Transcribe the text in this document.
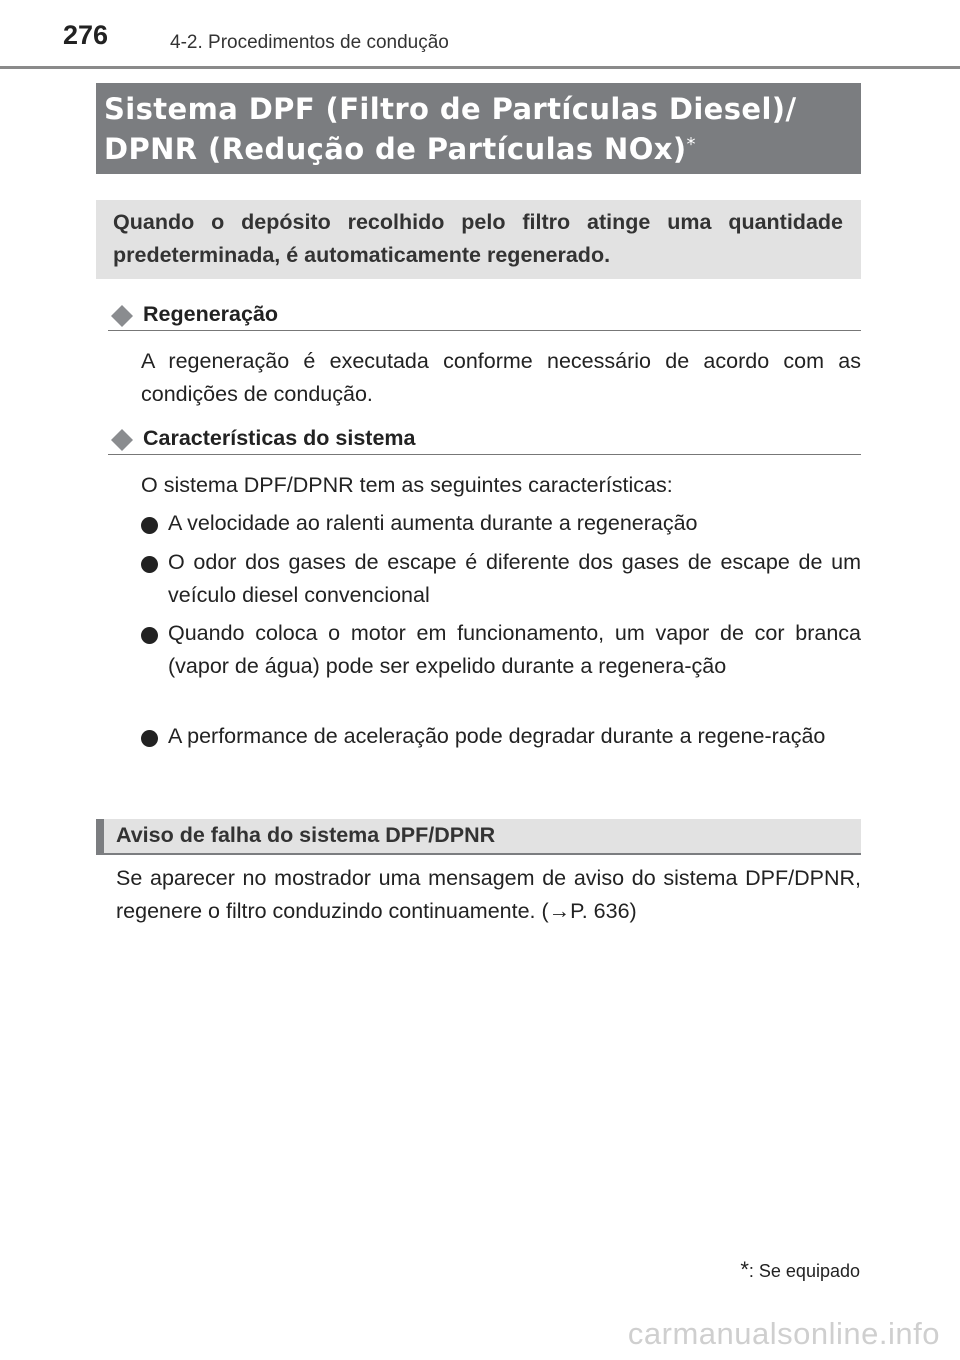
276	4-2. Procedimentos de condução
Sistema DPF (Filtro de Partículas Diesel)/
DPNR (Redução de Partículas NOx)*
Quando o depósito recolhido pelo filtro atinge uma quantidade predeterminada, é automaticamente regenerado.
Regeneração
A regeneração é executada conforme necessário de acordo com as condições de condução.
Características do sistema
O sistema DPF/DPNR tem as seguintes características:
A velocidade ao ralenti aumenta durante a regeneração
O odor dos gases de escape é diferente dos gases de escape de um veículo diesel convencional
Quando coloca o motor em funcionamento, um vapor de cor branca (vapor de água) pode ser expelido durante a regenera-ção
A performance de aceleração pode degradar durante a regene-ração
Aviso de falha do sistema DPF/DPNR
Se aparecer no mostrador uma mensagem de aviso do sistema DPF/DPNR, regenere o filtro conduzindo continuamente. (→P. 636)
*: Se equipado
carmanualsonline.info
